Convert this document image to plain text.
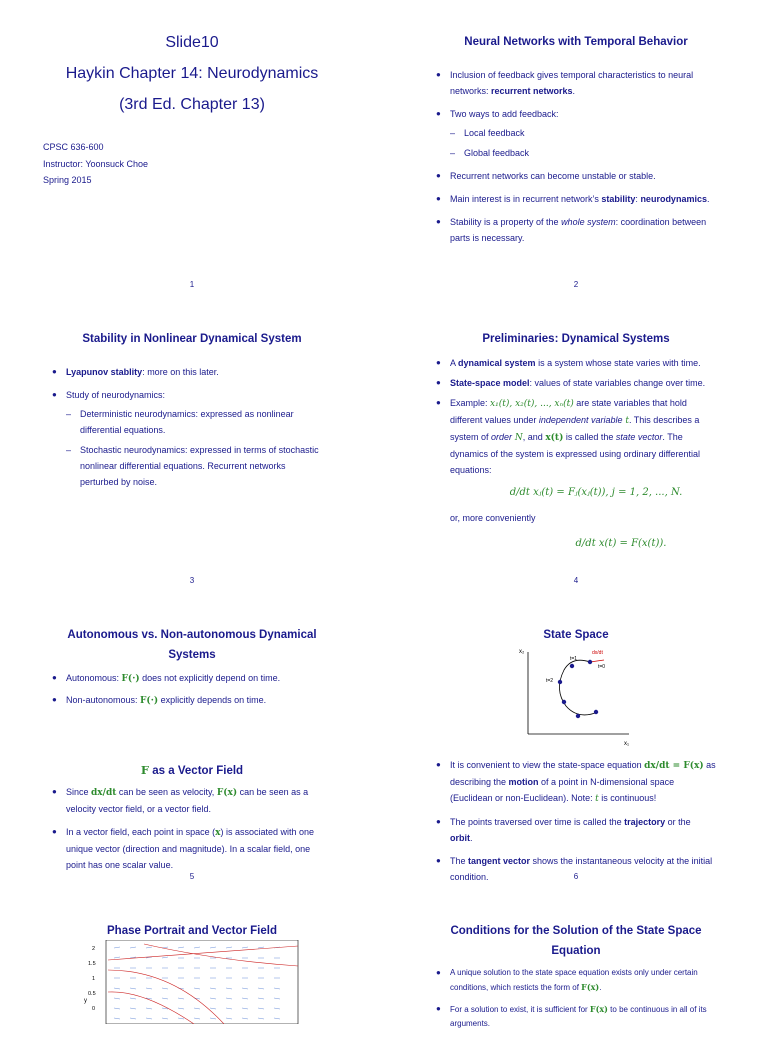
Slide10
Haykin Chapter 14: Neurodynamics
(3rd Ed. Chapter 13)
CPSC 636-600
Instructor: Yoonsuck Choe
Spring 2015
1
Neural Networks with Temporal Behavior
● Inclusion of feedback gives temporal characteristics to neural
networks: recurrent networks.
● Two ways to add feedback:
– Local feedback
– Global feedback
● Recurrent networks can become unstable or stable.
● Main interest is in recurrent network’s stability: neurodynamics.
● Stability is a property of the whole system: coordination between
parts is necessary.
2
Stability in Nonlinear Dynamical System
● Lyapunov stablity: more on this later.
● Study of neurodynamics:
– Deterministic neurodynamics: expressed as nonlinear
differential equations.
– Stochastic neurodynamics: expressed in terms of stochastic
nonlinear differential equations. Recurrent networks
perturbed by noise.
3
Preliminaries: Dynamical Systems
● A dynamical system is a system whose state varies with time.
● State-space model: values of state variables change over time.
● Example: x₁(t), x₂(t), ..., xₙ(t) are state variables that hold
different values under independent variable t. This describes a
system of order N, and x(t) is called the state vector. The
dynamics of the system is expressed using ordinary differential
equations:
d/dt xⱼ(t) = Fⱼ(xⱼ(t)), j = 1, 2, ..., N.
or, more conveniently
d/dt x(t) = F(x(t)).
4
Autonomous vs. Non-autonomous Dynamical
Systems
● Autonomous: F(·) does not explicitly depend on time.
● Non-autonomous: F(·) explicitly depends on time.
F as a Vector Field
● Since dx/dt can be seen as velocity, F(x) can be seen as a
velocity vector field, or a vector field.
● In a vector field, each point in space (x) is associated with one
unique vector (direction and magnitude). In a scalar field, one
point has one scalar value.
5
State Space
x₂
x₁
t=1
t=0
t=2
dx/dt
● It is convenient to view the state-space equation dx/dt = F(x) as
describing the motion of a point in N-dimensional space
(Euclidean or non-Euclidean). Note: t is continuous!
● The points traversed over time is called the trajectory or the
orbit.
● The tangent vector shows the instantaneous velocity at the initial
condition.	6
Phase Portrait and Vector Field
2
1.5
1
0.5
0
y
Conditions for the Solution of the State Space
Equation
● A unique solution to the state space equation exists only under certain
conditions, which resticts the form of F(x).
● For a solution to exist, it is sufficient for F(x) to be continuous in all of its
arguments.
